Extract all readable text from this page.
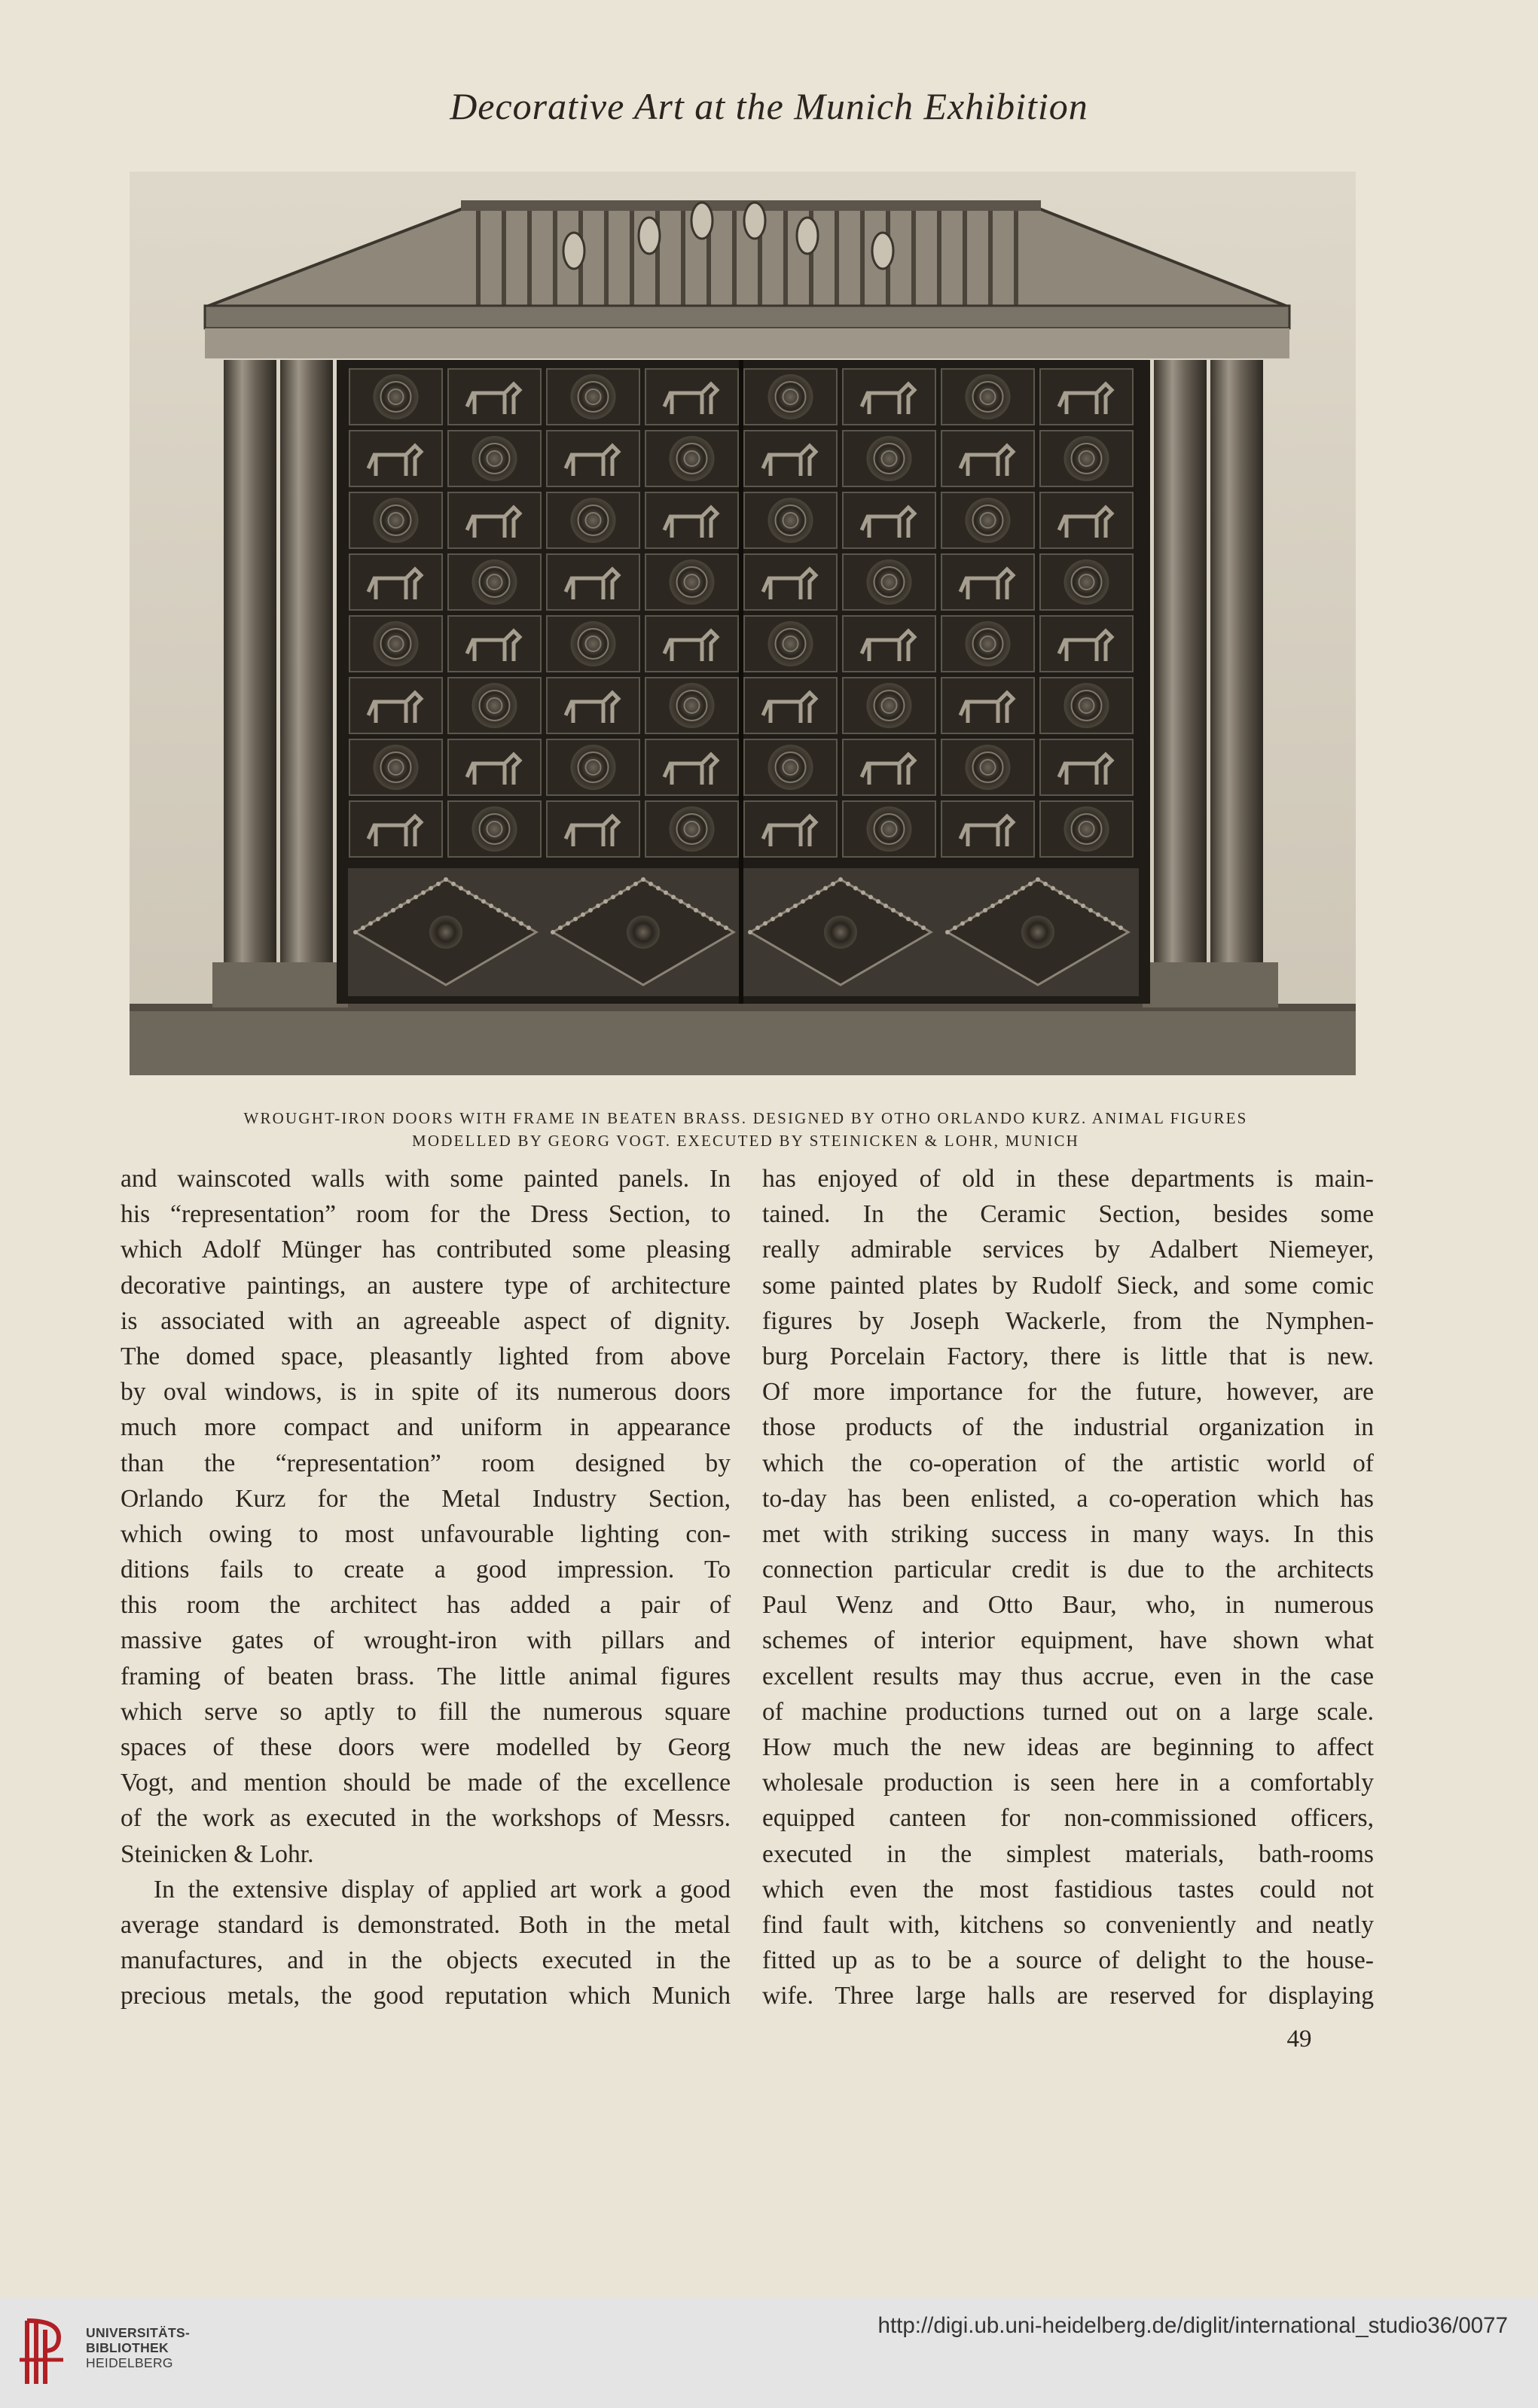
Decorative Art at the Munich Exhibition
WROUGHT-IRON DOORS WITH FRAME IN BEATEN BRASS. DESIGNED BY OTHO ORLANDO KURZ. ANIMAL FIGURES
MODELLED BY GEORG VOGT. EXECUTED BY STEINICKEN & LOHR, MUNICH
and wainscoted walls with some painted panels. In
his “representation” room for the Dress Section, to
which Adolf Münger has contributed some pleasing
decorative paintings, an austere type of architecture
is associated with an agreeable aspect of dignity.
The domed space, pleasantly lighted from above
by oval windows, is in spite of its numerous doors
much more compact and uniform in appearance
than the “representation” room designed by
Orlando Kurz for the Metal Industry Section,
which owing to most unfavourable lighting con-
ditions fails to create a good impression. To
this room the architect has added a pair of
massive gates of wrought-iron with pillars and
framing of beaten brass. The little animal figures
which serve so aptly to fill the numerous square
spaces of these doors were modelled by Georg
Vogt, and mention should be made of the excellence
of the work as executed in the workshops of Messrs.
Steinicken & Lohr.
In the extensive display of applied art work a good
average standard is demonstrated. Both in the metal
manufactures, and in the objects executed in the
precious metals, the good reputation which Munich
has enjoyed of old in these departments is main-
tained. In the Ceramic Section, besides some
really admirable services by Adalbert Niemeyer,
some painted plates by Rudolf Sieck, and some comic
figures by Joseph Wackerle, from the Nymphen-
burg Porcelain Factory, there is little that is new.
Of more importance for the future, however, are
those products of the industrial organization in
which the co-operation of the artistic world of
to-day has been enlisted, a co-operation which has
met with striking success in many ways. In this
connection particular credit is due to the architects
Paul Wenz and Otto Baur, who, in numerous
schemes of interior equipment, have shown what
excellent results may thus accrue, even in the case
of machine productions turned out on a large scale.
How much the new ideas are beginning to affect
wholesale production is seen here in a comfortably
equipped canteen for non-commissioned officers,
executed in the simplest materials, bath-rooms
which even the most fastidious tastes could not
find fault with, kitchens so conveniently and neatly
fitted up as to be a source of delight to the house-
wife. Three large halls are reserved for displaying
49
UNIVERSITÄTS-
BIBLIOTHEK
HEIDELBERG
http://digi.ub.uni-heidelberg.de/diglit/international_studio36/0077
